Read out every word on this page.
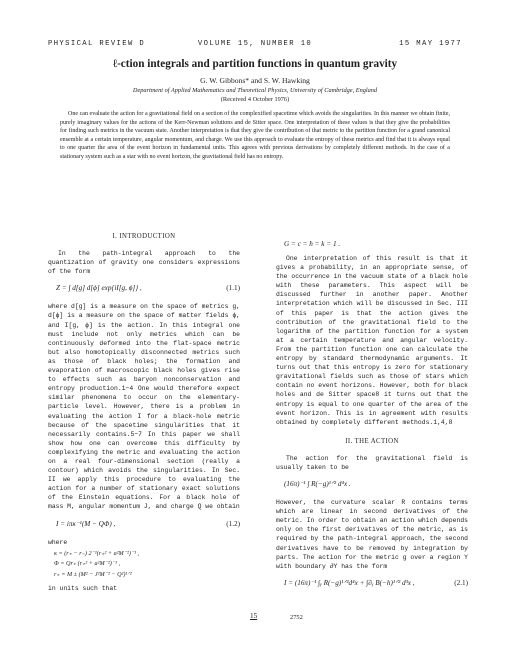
PHYSICAL REVIEW D	VOLUME 15, NUMBER 10	15 MAY 1977
ℓ-ction integrals and partition functions in quantum gravity
G. W. Gibbons* and S. W. Hawking
Department of Applied Mathematics and Theoretical Physics, University of Cambridge, England
(Received 4 October 1976)
One can evaluate the action for a gravitational field on a section of the complexified spacetime which avoids the singularities. In this manner we obtain finite, purely imaginary values for the actions of the Kerr-Newman solutions and de Sitter space. One interpretation of these values is that they give the probabilities for finding such metrics in the vacuum state. Another interpretation is that they give the contribution of that metric to the partition function for a grand canonical ensemble at a certain temperature, angular momentum, and charge. We use this approach to evaluate the entropy of these metrics and find that it is always equal to one quarter the area of the event horizon in fundamental units. This agrees with previous derivations by completely different methods. In the case of a stationary system such as a star with no event horizon, the gravitational field has no entropy.
I. INTRODUCTION

In the path-integral approach to the quantization of gravity one considers expressions of the form

Z = ∫ d[g] d[ϕ] exp{iI[g, ϕ]} ,	(1.1)

where d[g] is a measure on the space of metrics g, d[ϕ] is a measure on the space of matter fields ϕ, and I[g, ϕ] is the action. In this integral one must include not only metrics which can be continuously deformed into the flat-space metric but also homotopically disconnected metrics such as those of black holes; the formation and evaporation of macroscopic black holes gives rise to effects such as baryon nonconservation and entropy production.1−4 One would therefore expect similar phenomena to occur on the elementary-particle level. However, there is a problem in evaluating the action I for a black-hole metric because of the spacetime singularities that it necessarily contains.5−7 In this paper we shall show how one can overcome this difficulty by complexifying the metric and evaluating the action on a real four-dimensional section (really a contour) which avoids the singularities. In Sec. II we apply this procedure to evaluating the action for a number of stationary exact solutions of the Einstein equations. For a black hole of mass M, angular momentum J, and charge Q we obtain

I = iπκ⁻¹(M − QΦ) ,	(1.2)

where

κ = (r₊ − r₋) 2⁻¹(r₊² + a²M⁻²)⁻¹ ,
Φ = Qr₊ (r₊² + a²M⁻²)⁻¹ ,
r₊ = M ± (M² − J²M⁻² − Q²)¹ᐟ²

in units such that

G = c = ħ = k = 1 .

One interpretation of this result is that it gives a probability, in an appropriate sense, of the occurrence in the vacuum state of a black hole with these parameters. This aspect will be discussed further in another paper. Another interpretation which will be discussed in Sec. III of this paper is that the action gives the contribution of the gravitational field to the logarithm of the partition function for a system at a certain temperature and angular velocity. From the partition function one can calculate the entropy by standard thermodynamic arguments. It turns out that this entropy is zero for stationary gravitational fields such as those of stars which contain no event horizons. However, both for black holes and de Sitter space8 it turns out that the entropy is equal to one quarter of the area of the event horizon. This is in agreement with results obtained by completely different methods.1,4,8

II. THE ACTION

The action for the gravitational field is usually taken to be

(16π)⁻¹ ∫ R(−g)¹ᐟ² d⁴x .

However, the curvature scalar R contains terms which are linear in second derivatives of the metric. In order to obtain an action which depends only on the first derivatives of the metric, as is required by the path-integral approach, the second derivatives have to be removed by integration by parts. The action for the metric g over a region Y with boundary ∂Y has the form

I = (16π)⁻¹ ∫ᵧ R(−g)¹ᐟ²d⁴x + ∫∂ᵧ B(−h)¹ᐟ² d³x ,	(2.1)
15	2752
